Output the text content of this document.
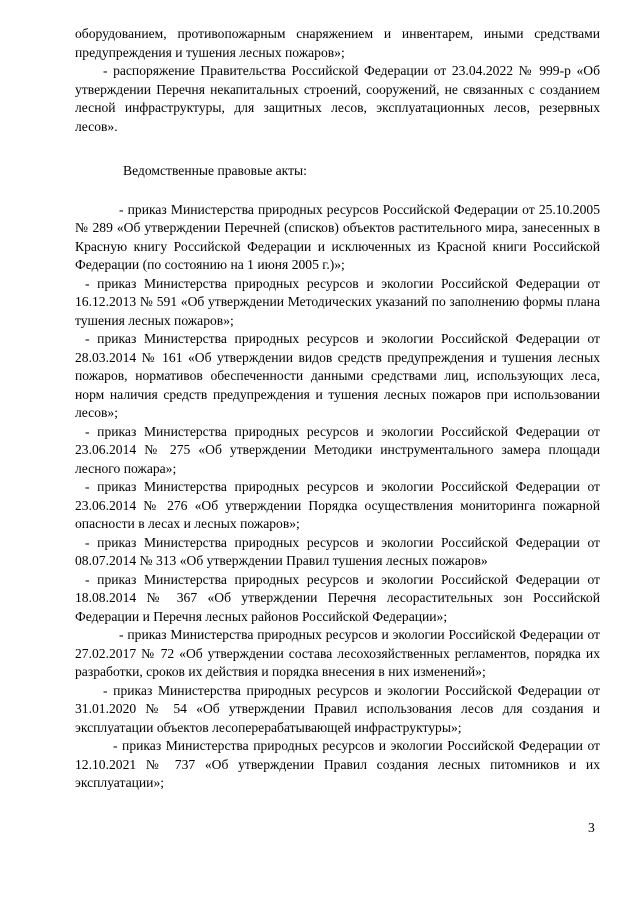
оборудованием, противопожарным снаряжением и инвентарем, иными средствами предупреждения и тушения лесных пожаров»;

- распоряжение Правительства Российской Федерации от 23.04.2022 № 999-р «Об утверждении Перечня некапитальных строений, сооружений, не связанных с созданием лесной инфраструктуры, для защитных лесов, эксплуатационных лесов, резервных лесов».

Ведомственные правовые акты:

- приказ Министерства природных ресурсов Российской Федерации от 25.10.2005 № 289 «Об утверждении Перечней (списков) объектов растительного мира, занесенных в Красную книгу Российской Федерации и исключенных из Красной книги Российской Федерации (по состоянию на 1 июня 2005 г.)»;

- приказ Министерства природных ресурсов и экологии Российской Федерации от 16.12.2013 № 591 «Об утверждении Методических указаний по заполнению формы плана тушения лесных пожаров»;

- приказ Министерства природных ресурсов и экологии Российской Федерации от 28.03.2014 № 161 «Об утверждении видов средств предупреждения и тушения лесных пожаров, нормативов обеспеченности данными средствами лиц, использующих леса, норм наличия средств предупреждения и тушения лесных пожаров при использовании лесов»;

- приказ Министерства природных ресурсов и экологии Российской Федерации от 23.06.2014 № 275 «Об утверждении Методики инструментального замера площади лесного пожара»;

- приказ Министерства природных ресурсов и экологии Российской Федерации от 23.06.2014 № 276 «Об утверждении Порядка осуществления мониторинга пожарной опасности в лесах и лесных пожаров»;

- приказ Министерства природных ресурсов и экологии Российской Федерации от 08.07.2014 № 313 «Об утверждении Правил тушения лесных пожаров»

- приказ Министерства природных ресурсов и экологии Российской Федерации от 18.08.2014 № 367 «Об утверждении Перечня лесорастительных зон Российской Федерации и Перечня лесных районов Российской Федерации»;

- приказ Министерства природных ресурсов и экологии Российской Федерации от 27.02.2017 № 72 «Об утверждении состава лесохозяйственных регламентов, порядка их разработки, сроков их действия и порядка внесения в них изменений»;

- приказ Министерства природных ресурсов и экологии Российской Федерации от 31.01.2020 № 54 «Об утверждении Правил использования лесов для создания и эксплуатации объектов лесоперерабатывающей инфраструктуры»;

- приказ Министерства природных ресурсов и экологии Российской Федерации от 12.10.2021 № 737 «Об утверждении Правил создания лесных питомников и их эксплуатации»;

3
